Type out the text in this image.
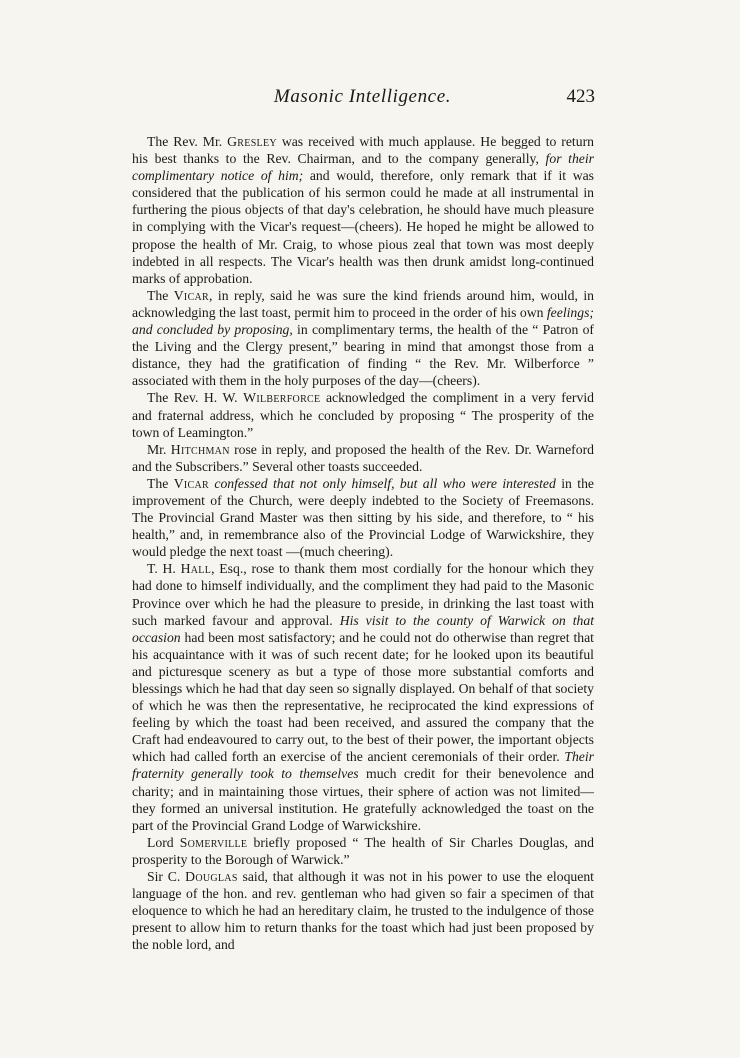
Masonic Intelligence.	423

The Rev. Mr. Gresley was received with much applause. He begged to return his best thanks to the Rev. Chairman, and to the company generally, for their complimentary notice of him; and would, therefore, only remark that if it was considered that the publication of his sermon could he made at all instrumental in furthering the pious objects of that day's celebration, he should have much pleasure in complying with the Vicar's request—(cheers). He hoped he might be allowed to propose the health of Mr. Craig, to whose pious zeal that town was most deeply indebted in all respects. The Vicar's health was then drunk amidst long-continued marks of approbation.

The Vicar, in reply, said he was sure the kind friends around him, would, in acknowledging the last toast, permit him to proceed in the order of his own feelings; and concluded by proposing, in complimentary terms, the health of the “ Patron of the Living and the Clergy present,” bearing in mind that amongst those from a distance, they had the gratification of finding “ the Rev. Mr. Wilberforce ” associated with them in the holy purposes of the day—(cheers).

The Rev. H. W. Wilberforce acknowledged the compliment in a very fervid and fraternal address, which he concluded by proposing “ The prosperity of the town of Leamington.”

Mr. Hitchman rose in reply, and proposed the health of the Rev. Dr. Warneford and the Subscribers.” Several other toasts succeeded.

The Vicar confessed that not only himself, but all who were interested in the improvement of the Church, were deeply indebted to the Society of Freemasons. The Provincial Grand Master was then sitting by his side, and therefore, to “ his health,” and, in remembrance also of the Provincial Lodge of Warwickshire, they would pledge the next toast —(much cheering).

T. H. Hall, Esq., rose to thank them most cordially for the honour which they had done to himself individually, and the compliment they had paid to the Masonic Province over which he had the pleasure to preside, in drinking the last toast with such marked favour and approval. His visit to the county of Warwick on that occasion had been most satisfactory; and he could not do otherwise than regret that his acquaintance with it was of such recent date; for he looked upon its beautiful and picturesque scenery as but a type of those more substantial comforts and blessings which he had that day seen so signally displayed. On behalf of that society of which he was then the representative, he reciprocated the kind expressions of feeling by which the toast had been received, and assured the company that the Craft had endeavoured to carry out, to the best of their power, the important objects which had called forth an exercise of the ancient ceremonials of their order. Their fraternity generally took to themselves much credit for their benevolence and charity; and in maintaining those virtues, their sphere of action was not limited—they formed an universal institution. He gratefully acknowledged the toast on the part of the Provincial Grand Lodge of Warwickshire.

Lord Somerville briefly proposed “ The health of Sir Charles Douglas, and prosperity to the Borough of Warwick.”

Sir C. Douglas said, that although it was not in his power to use the eloquent language of the hon. and rev. gentleman who had given so fair a specimen of that eloquence to which he had an hereditary claim, he trusted to the indulgence of those present to allow him to return thanks for the toast which had just been proposed by the noble lord, and
